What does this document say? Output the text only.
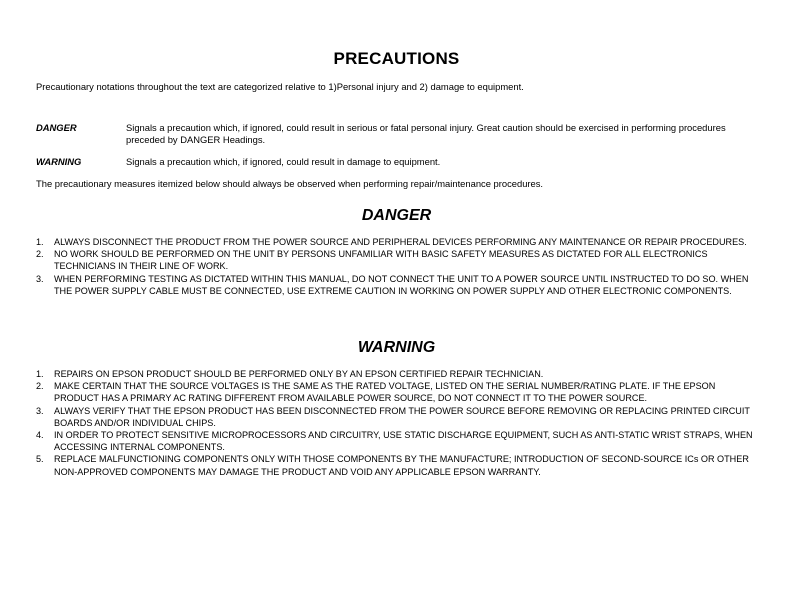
PRECAUTIONS
Precautionary notations throughout the text are categorized relative to 1)Personal injury and 2) damage to equipment.
DANGER	Signals a precaution which, if ignored, could result in serious or fatal personal injury. Great caution should be exercised in performing procedures preceded by DANGER Headings.
WARNING	Signals a precaution which, if ignored, could result in damage to equipment.
The precautionary measures itemized below should always be observed when performing repair/maintenance procedures.
DANGER
1. ALWAYS DISCONNECT THE PRODUCT FROM THE POWER SOURCE AND PERIPHERAL DEVICES PERFORMING ANY MAINTENANCE OR REPAIR PROCEDURES.
2. NO WORK SHOULD BE PERFORMED ON THE UNIT BY PERSONS UNFAMILIAR WITH BASIC SAFETY MEASURES AS DICTATED FOR ALL ELECTRONICS TECHNICIANS IN THEIR LINE OF WORK.
3. WHEN PERFORMING TESTING AS DICTATED WITHIN THIS MANUAL, DO NOT CONNECT THE UNIT TO A POWER SOURCE UNTIL INSTRUCTED TO DO SO. WHEN THE POWER SUPPLY CABLE MUST BE CONNECTED, USE EXTREME CAUTION IN WORKING ON POWER SUPPLY AND OTHER ELECTRONIC COMPONENTS.
WARNING
1. REPAIRS ON EPSON PRODUCT SHOULD BE PERFORMED ONLY BY AN EPSON CERTIFIED REPAIR TECHNICIAN.
2. MAKE CERTAIN THAT THE SOURCE VOLTAGES IS THE SAME AS THE RATED VOLTAGE, LISTED ON THE SERIAL NUMBER/RATING PLATE. IF THE EPSON PRODUCT HAS A PRIMARY AC RATING DIFFERENT FROM AVAILABLE POWER SOURCE, DO NOT CONNECT IT TO THE POWER SOURCE.
3. ALWAYS VERIFY THAT THE EPSON PRODUCT HAS BEEN DISCONNECTED FROM THE POWER SOURCE BEFORE REMOVING OR REPLACING PRINTED CIRCUIT BOARDS AND/OR INDIVIDUAL CHIPS.
4. IN ORDER TO PROTECT SENSITIVE MICROPROCESSORS AND CIRCUITRY, USE STATIC DISCHARGE EQUIPMENT, SUCH AS ANTI-STATIC WRIST STRAPS, WHEN ACCESSING INTERNAL COMPONENTS.
5. REPLACE MALFUNCTIONING COMPONENTS ONLY WITH THOSE COMPONENTS BY THE MANUFACTURE; INTRODUCTION OF SECOND-SOURCE ICs OR OTHER NON-APPROVED COMPONENTS MAY DAMAGE THE PRODUCT AND VOID ANY APPLICABLE EPSON WARRANTY.
